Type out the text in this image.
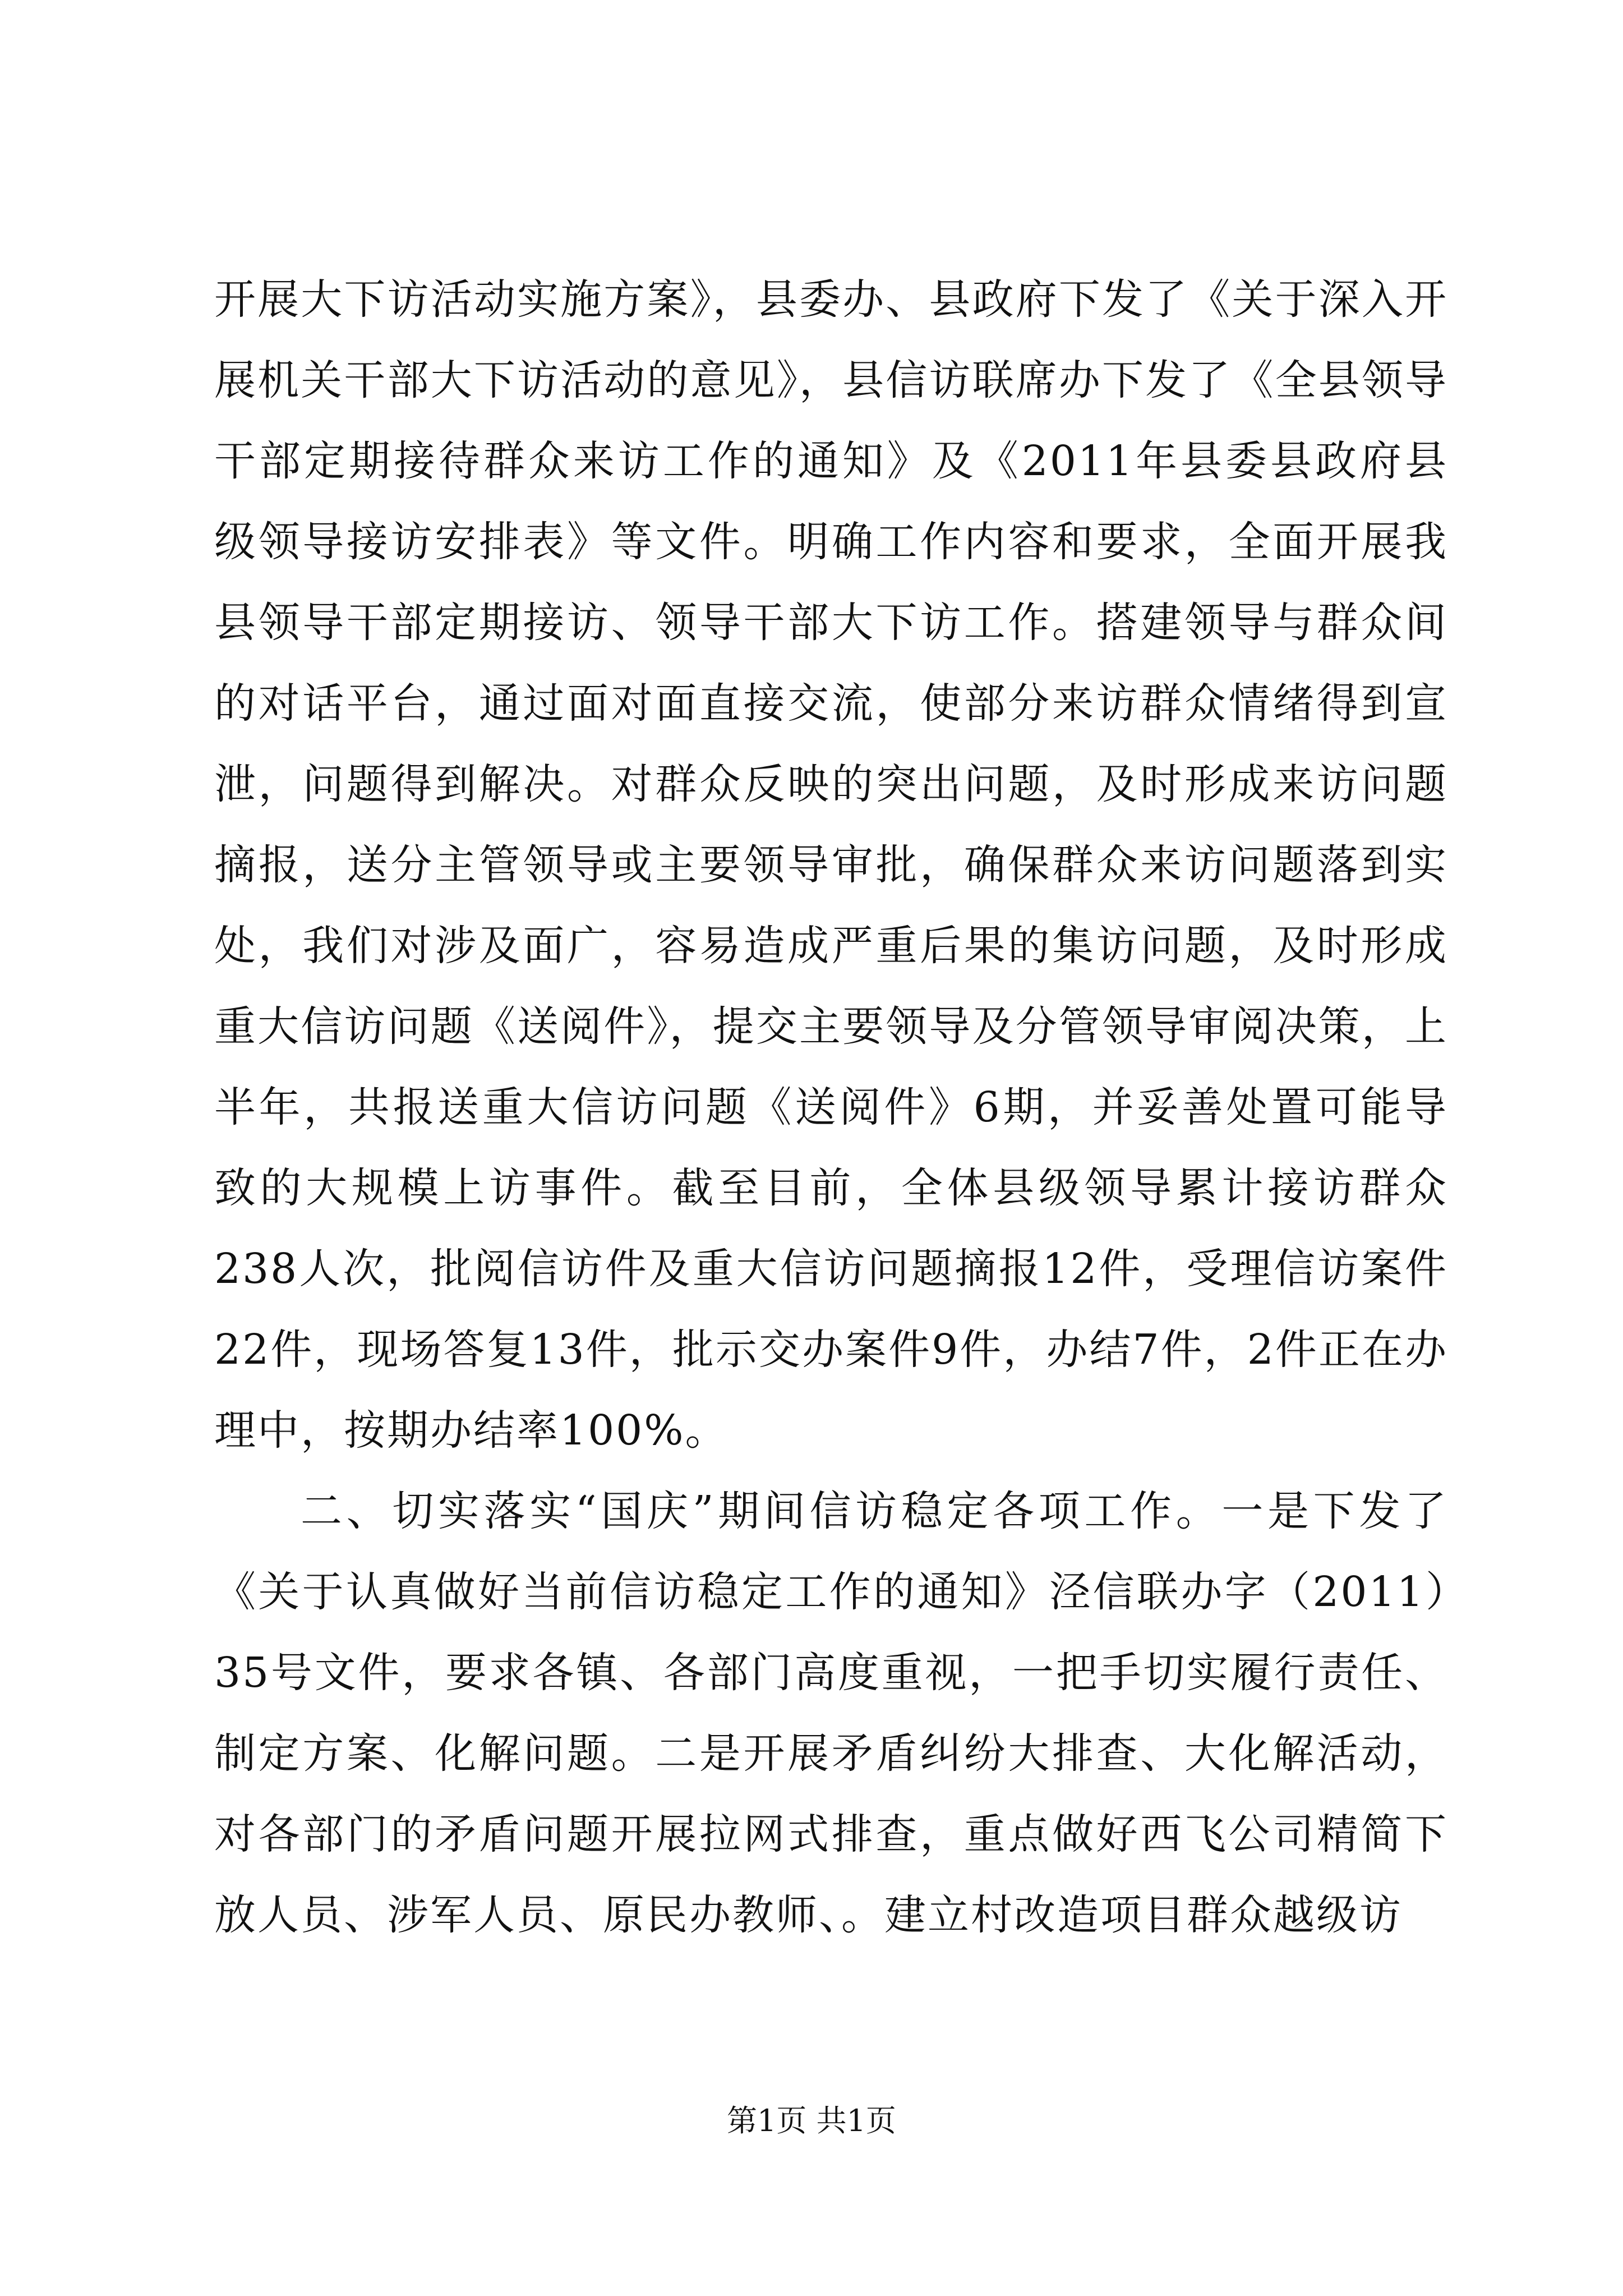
开展大下访活动实施方案》，县委办、县政府下发了《关于深入开展机关干部大下访活动的意见》，县信访联席办下发了《全县领导干部定期接待群众来访工作的通知》及《2011年县委县政府县级领导接访安排表》等文件。明确工作内容和要求，全面开展我县领导干部定期接访、领导干部大下访工作。搭建领导与群众间的对话平台，通过面对面直接交流，使部分来访群众情绪得到宣泄，问题得到解决。对群众反映的突出问题，及时形成来访问题摘报，送分主管领导或主要领导审批，确保群众来访问题落到实处，我们对涉及面广，容易造成严重后果的集访问题，及时形成重大信访问题《送阅件》，提交主要领导及分管领导审阅决策，上半年，共报送重大信访问题《送阅件》6期，并妥善处置可能导致的大规模上访事件。截至目前，全体县级领导累计接访群众238人次，批阅信访件及重大信访问题摘报12件，受理信访案件22件，现场答复13件，批示交办案件9件，办结7件，2件正在办理中，按期办结率100%。

二、切实落实“国庆”期间信访稳定各项工作。一是下发了《关于认真做好当前信访稳定工作的通知》泾信联办字（2011）35号文件，要求各镇、各部门高度重视，一把手切实履行责任、制定方案、化解问题。二是开展矛盾纠纷大排查、大化解活动，对各部门的矛盾问题开展拉网式排查，重点做好西飞公司精简下放人员、涉军人员、原民办教师、。建立村改造项目群众越级访

第1页 共1页
